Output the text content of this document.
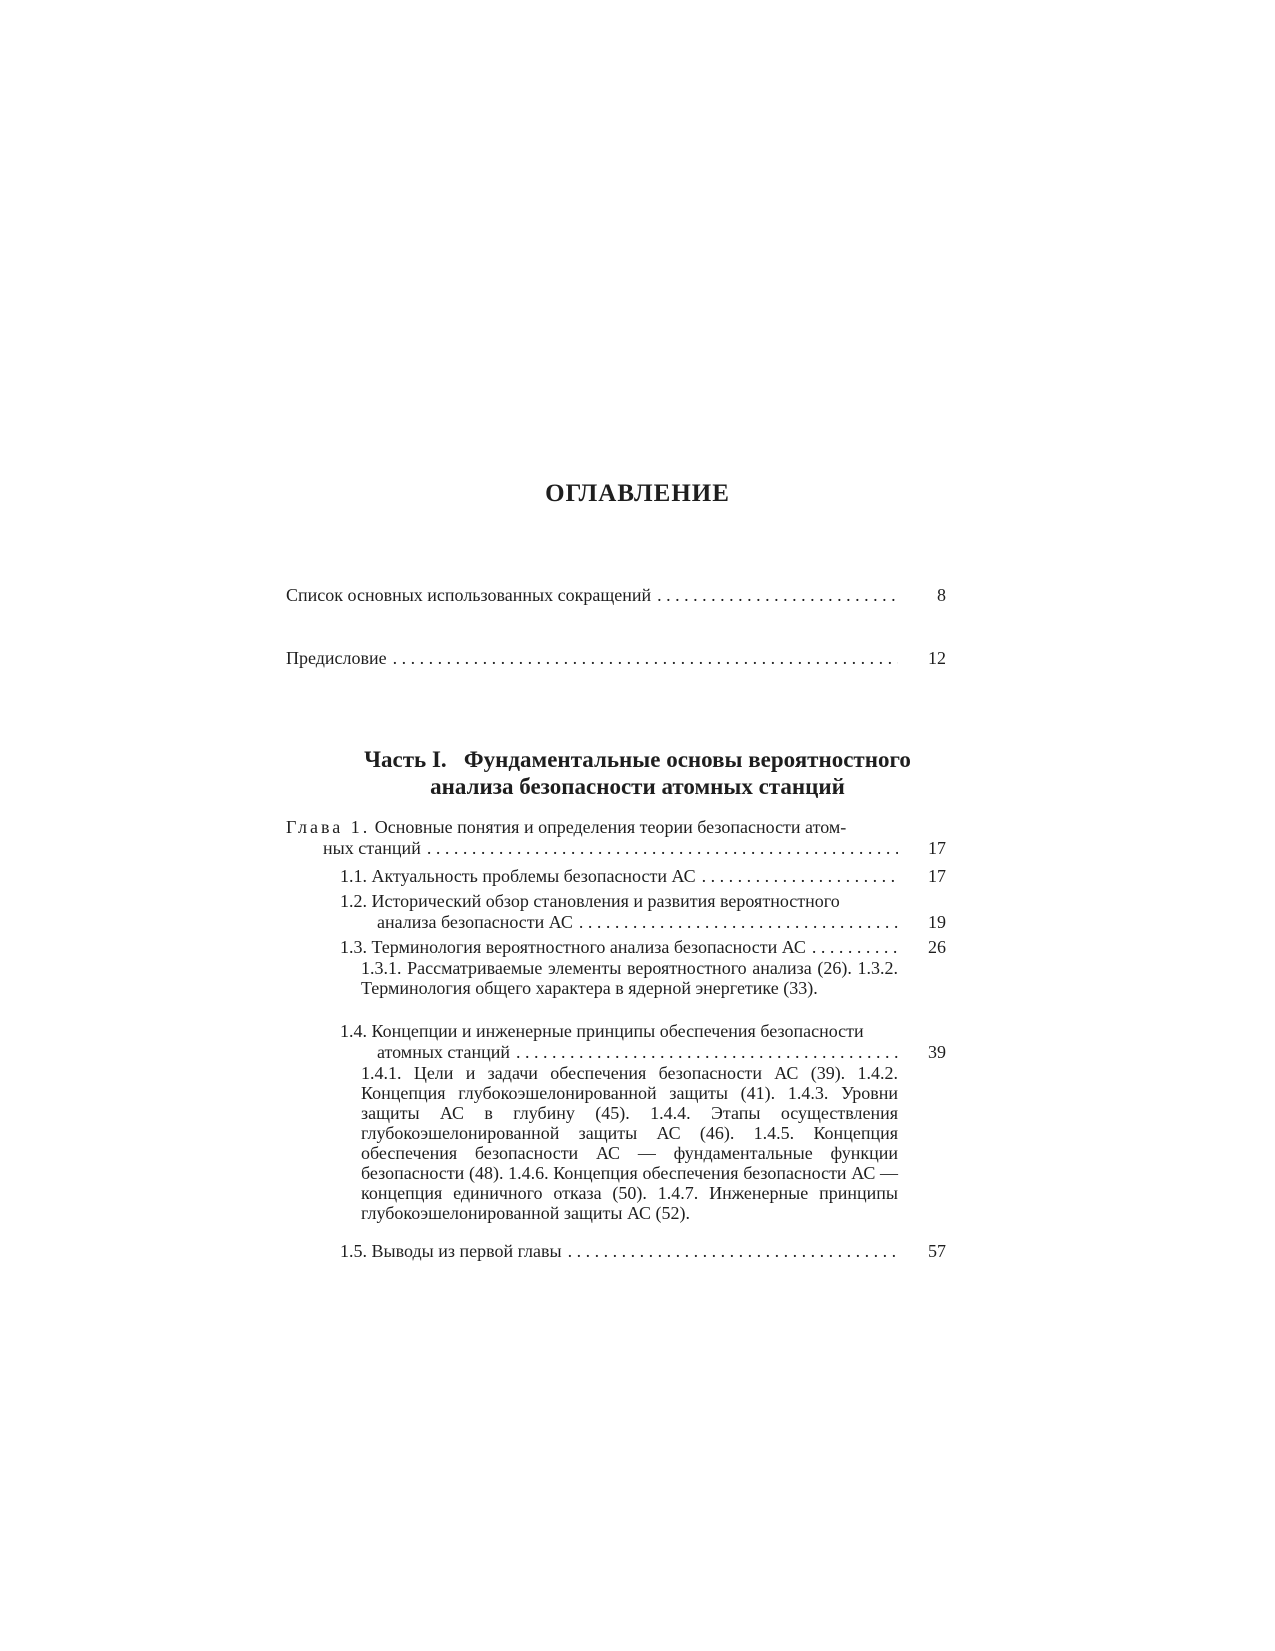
ОГЛАВЛЕНИЕ
Список основных использованных сокращений . . .	8
Предисловие . . .	12
Часть I.   Фундаментальные основы вероятностного
анализа безопасности атомных станций
Глава 1. Основные понятия и определения теории безопасности атом-
ных станций . . .	17
1.1. Актуальность проблемы безопасности АС . . .	17
1.2. Исторический обзор становления и развития вероятностного
анализа безопасности АС . . .	19
1.3. Терминология вероятностного анализа безопасности АС . . .	26
1.3.1. Рассматриваемые элементы вероятностного анализа (26). 1.3.2. Терминология общего характера в ядерной энергетике (33).
1.4. Концепции и инженерные принципы обеспечения безопасности
атомных станций . . .	39
1.4.1. Цели и задачи обеспечения безопасности АС (39). 1.4.2. Концепция глубокоэшелонированной защиты (41). 1.4.3. Уровни защиты АС в глубину (45). 1.4.4. Этапы осуществления глубокоэшелонированной защиты АС (46). 1.4.5. Концепция обеспечения безопасности АС — фундаментальные функции безопасности (48). 1.4.6. Концепция обеспечения безопасности АС — концепция единичного отказа (50). 1.4.7. Инженерные принципы глубокоэшелонированной защиты АС (52).
1.5. Выводы из первой главы . . .	57
